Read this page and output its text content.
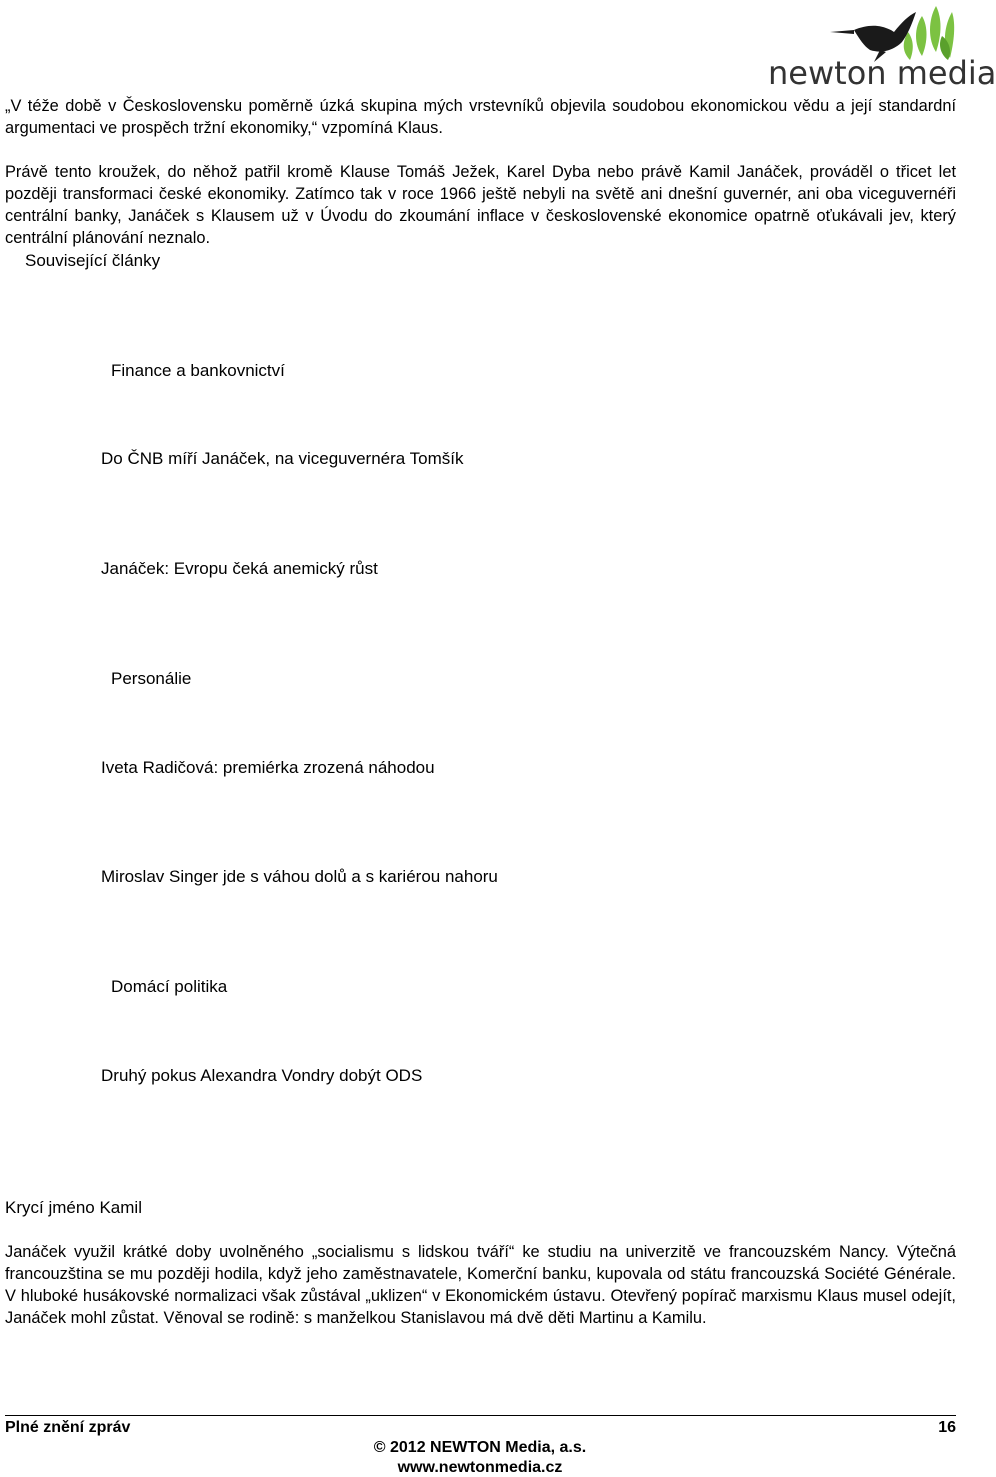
newton media
„V téže době v Československu poměrně úzká skupina mých vrstevníků objevila soudobou ekonomickou vědu a její standardní argumentaci ve prospěch tržní ekonomiky,“ vzpomíná Klaus.
Právě tento kroužek, do něhož patřil kromě Klause Tomáš Ježek, Karel Dyba nebo právě Kamil Janáček, prováděl o třicet let později transformaci české ekonomiky. Zatímco tak v roce 1966 ještě nebyli na světě ani dnešní guvernér, ani oba viceguvernéři centrální banky, Janáček s Klausem už v Úvodu do zkoumání inflace v československé ekonomice opatrně oťukávali jev, který centrální plánování neznalo.
Související články
Finance a bankovnictví
Do ČNB míří Janáček, na viceguvernéra Tomšík
Janáček: Evropu čeká anemický růst
Personálie
Iveta Radičová: premiérka zrozená náhodou
Miroslav Singer jde s váhou dolů a s kariérou nahoru
Domácí politika
Druhý pokus Alexandra Vondry dobýt ODS
Krycí jméno Kamil
Janáček využil krátké doby uvolněného „socialismu s lidskou tváří“ ke studiu na univerzitě ve francouzském Nancy. Výtečná francouzština se mu později hodila, když jeho zaměstnavatele, Komerční banku, kupovala od státu francouzská Société Générale. V hluboké husákovské normalizaci však zůstával „uklizen“ v Ekonomickém ústavu. Otevřený popírač marxismu Klaus musel odejít, Janáček mohl zůstat. Věnoval se rodině: s manželkou Stanislavou má dvě děti Martinu a Kamilu.
Plné znění zpráv	16
© 2012 NEWTON Media, a.s.
www.newtonmedia.cz
